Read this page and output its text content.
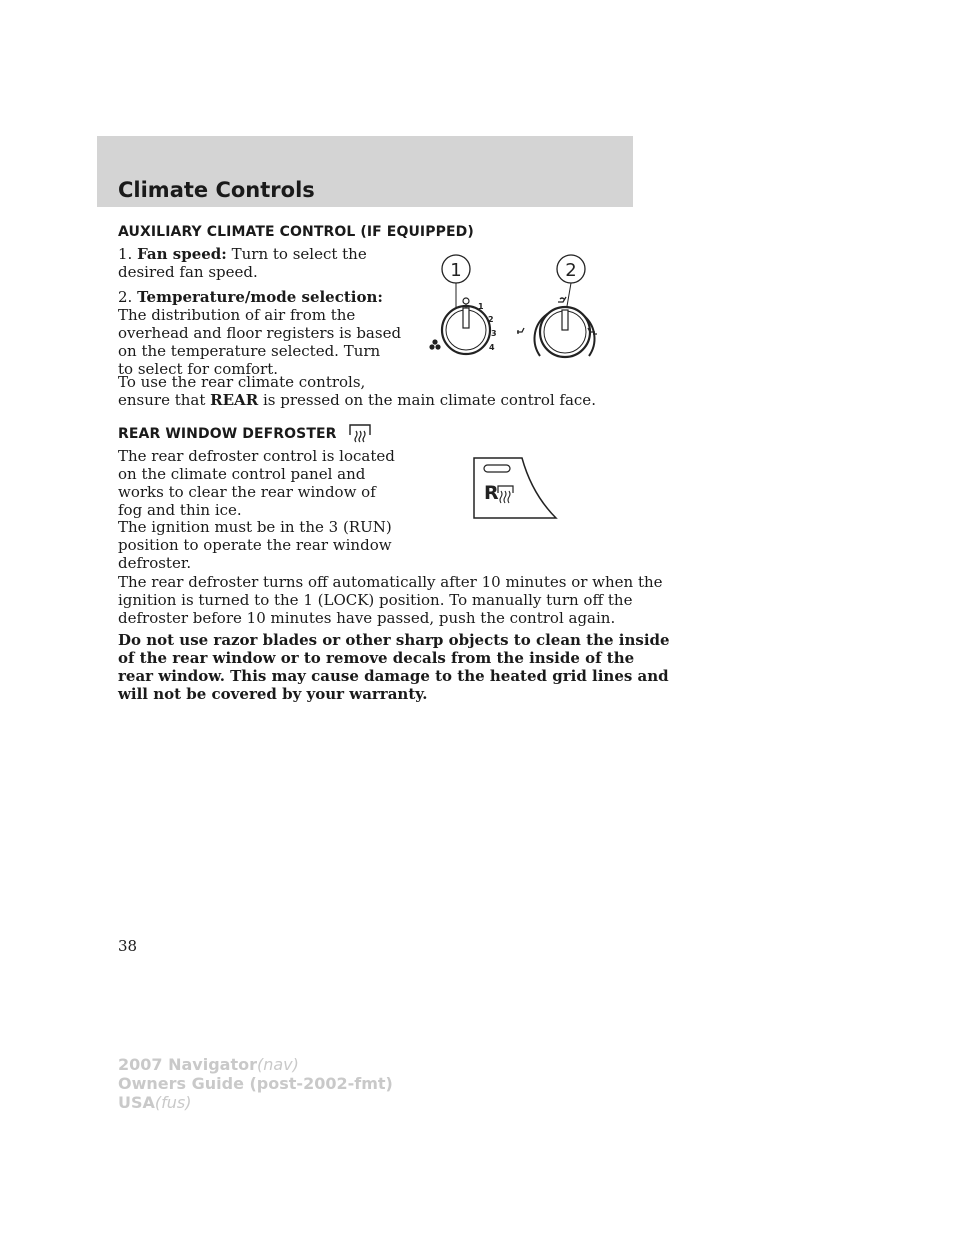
Climate Controls
AUXILIARY CLIMATE CONTROL (IF EQUIPPED)
1. Fan speed: Turn to select the
desired fan speed.
2. Temperature/mode selection:
The distribution of air from the
overhead and floor registers is based
on the temperature selected. Turn
to select for comfort.
To use the rear climate controls,
ensure that REAR is pressed on the main climate control face.
1	2
1
2
3
4
REAR WINDOW DEFROSTER
The rear defroster control is located
on the climate control panel and
works to clear the rear window of
fog and thin ice.
The ignition must be in the 3 (RUN)
position to operate the rear window
defroster.
The rear defroster turns off automatically after 10 minutes or when the
ignition is turned to the 1 (LOCK) position. To manually turn off the
defroster before 10 minutes have passed, push the control again.
Do not use razor blades or other sharp objects to clean the inside
of the rear window or to remove decals from the inside of the
rear window. This may cause damage to the heated grid lines and
will not be covered by your warranty.
R
38
2007 Navigator(nav)
Owners Guide (post-2002-fmt)
USA(fus)
